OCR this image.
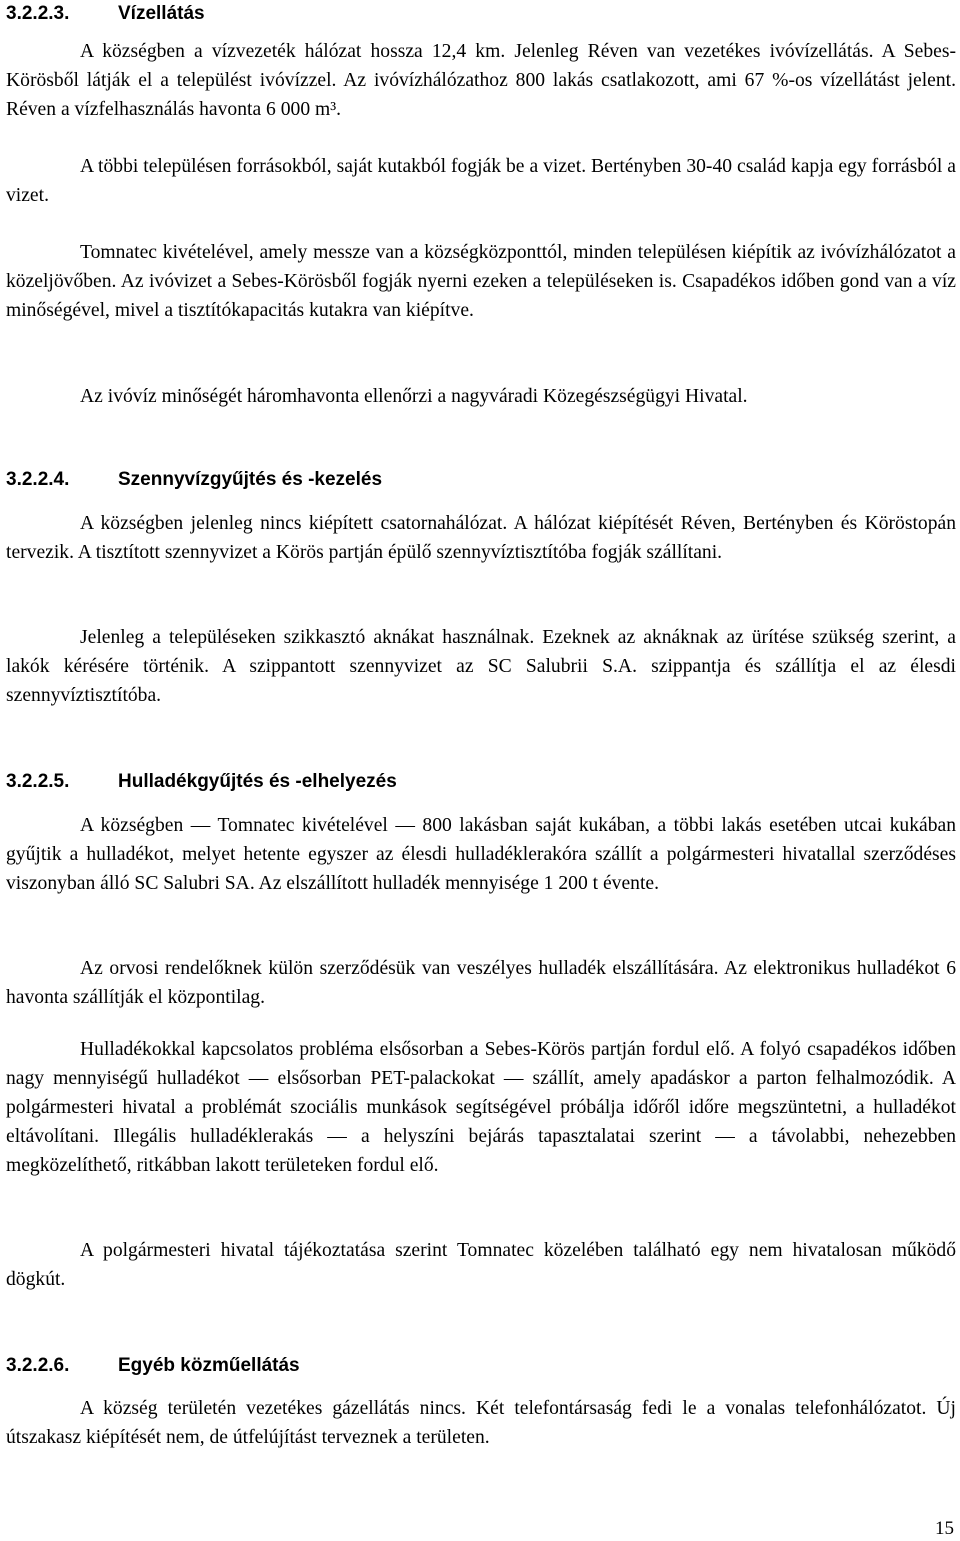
3.2.2.3.	Vízellátás

A községben a vízvezeték hálózat hossza 12,4 km. Jelenleg Réven van vezetékes ivóvízellátás. A Sebes-Körösből látják el a települést ivóvízzel. Az ivóvízhálózathoz 800 lakás csatlakozott, ami 67 %-os vízellátást jelent. Réven a vízfelhasználás havonta 6 000 m³.

A többi településen forrásokból, saját kutakból fogják be a vizet. Bertényben 30-40 család kapja egy forrásból a vizet.

Tomnatec kivételével, amely messze van a községközponttól, minden településen kiépítik az ivóvízhálózatot a közeljövőben. Az ivóvizet a Sebes-Körösből fogják nyerni ezeken a településeken is. Csapadékos időben gond van a víz minőségével, mivel a tisztítókapacitás kutakra van kiépítve.

Az ivóvíz minőségét háromhavonta ellenőrzi a nagyváradi Közegészségügyi Hivatal.

3.2.2.4.	Szennyvízgyűjtés és -kezelés

A községben jelenleg nincs kiépített csatornahálózat. A hálózat kiépítését Réven, Bertényben és Köröstopán tervezik. A tisztított szennyvizet a Körös partján épülő szennyvíztisztítóba fogják szállítani.

Jelenleg a településeken szikkasztó aknákat használnak. Ezeknek az aknáknak az ürítése szükség szerint, a lakók kérésére történik. A szippantott szennyvizet az SC Salubrii S.A. szippantja és szállítja el az élesdi szennyvíztisztítóba.

3.2.2.5.	Hulladékgyűjtés és -elhelyezés

A községben — Tomnatec kivételével — 800 lakásban saját kukában, a többi lakás esetében utcai kukában gyűjtik a hulladékot, melyet hetente egyszer az élesdi hulladéklerakóra szállít a polgármesteri hivatallal szerződéses viszonyban álló SC Salubri SA. Az elszállított hulladék mennyisége 1 200 t évente.

Az orvosi rendelőknek külön szerződésük van veszélyes hulladék elszállítására. Az elektronikus hulladékot 6 havonta szállítják el központilag.

Hulladékokkal kapcsolatos probléma elsősorban a Sebes-Körös partján fordul elő. A folyó csapadékos időben nagy mennyiségű hulladékot — elsősorban PET-palackokat — szállít, amely apadáskor a parton felhalmozódik. A polgármesteri hivatal a problémát szociális munkások segítségével próbálja időről időre megszüntetni, a hulladékot eltávolítani. Illegális hulladéklerakás — a helyszíni bejárás tapasztalatai szerint — a távolabbi, nehezebben megközelíthető, ritkábban lakott területeken fordul elő.

A polgármesteri hivatal tájékoztatása szerint Tomnatec közelében található egy nem hivatalosan működő dögkút.

3.2.2.6.	Egyéb közműellátás

A község területén vezetékes gázellátás nincs. Két telefontársaság fedi le a vonalas telefonhálózatot. Új útszakasz kiépítését nem, de útfelújítást terveznek a területen.

15
